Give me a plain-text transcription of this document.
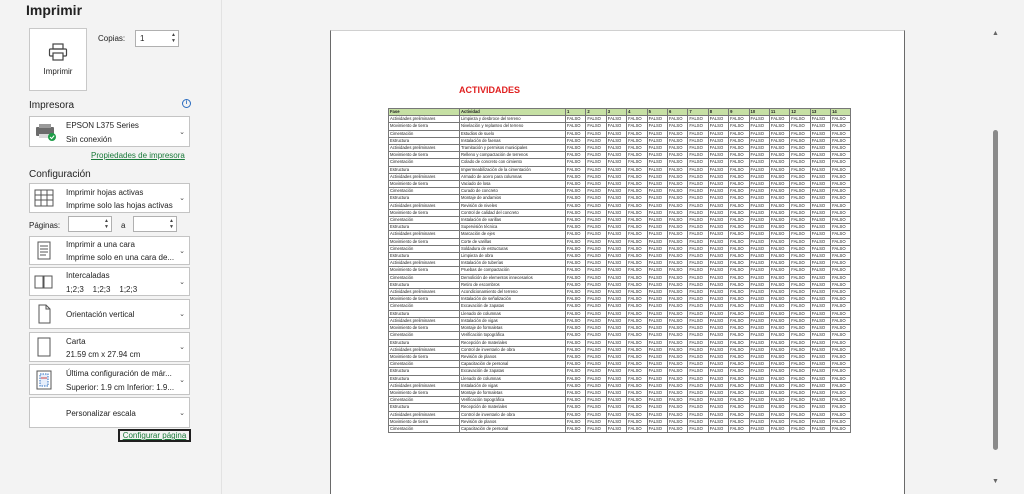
Imprimir
Imprimir
Copias:	1	▲
▼
Impresora	i
EPSON L375 Series
Sin conexión
⌄
Propiedades de impresora
Configuración
Imprimir hojas activas
Imprime solo las hojas activas
⌄
Páginas:	▲
▼ a	▲
▼
Imprimir a una cara
Imprime solo en una cara de...
⌄
Intercaladas
1;2;3    1;2;3    1;2;3
⌄
Orientación vertical	⌄
Carta
21.59 cm x 27.94 cm
⌄
Última configuración de már...
Superior: 1.9 cm Inferior: 1.9...
⌄
Personalizar escala	⌄
Configurar página
ACTIVIDADES
Fase	Actividad	1	2	3	4	5	6	7	8	9	10	11	12	13	14
Actividades preliminares	Limpieza y desbroce del terreno	FALSO	FALSO	FALSO	FALSO	FALSO	FALSO	FALSO	FALSO	FALSO	FALSO	FALSO	FALSO	FALSO	FALSO
Movimiento de tierra	Nivelación y replanteo del terreno	FALSO	FALSO	FALSO	FALSO	FALSO	FALSO	FALSO	FALSO	FALSO	FALSO	FALSO	FALSO	FALSO	FALSO
Cimentación	Estudios de suelo	FALSO	FALSO	FALSO	FALSO	FALSO	FALSO	FALSO	FALSO	FALSO	FALSO	FALSO	FALSO	FALSO	FALSO
Estructura	Instalación de faenas	FALSO	FALSO	FALSO	FALSO	FALSO	FALSO	FALSO	FALSO	FALSO	FALSO	FALSO	FALSO	FALSO	FALSO
Actividades preliminares	Tramitación y permisos municipales	FALSO	FALSO	FALSO	FALSO	FALSO	FALSO	FALSO	FALSO	FALSO	FALSO	FALSO	FALSO	FALSO	FALSO
Movimiento de tierra	Relleno y compactación de terrenos	FALSO	FALSO	FALSO	FALSO	FALSO	FALSO	FALSO	FALSO	FALSO	FALSO	FALSO	FALSO	FALSO	FALSO
Cimentación	Colado de concreto con cimiento	FALSO	FALSO	FALSO	FALSO	FALSO	FALSO	FALSO	FALSO	FALSO	FALSO	FALSO	FALSO	FALSO	FALSO
Estructura	Impermeabilización de la cimentación	FALSO	FALSO	FALSO	FALSO	FALSO	FALSO	FALSO	FALSO	FALSO	FALSO	FALSO	FALSO	FALSO	FALSO
Actividades preliminares	Armado de acero para columnas	FALSO	FALSO	FALSO	FALSO	FALSO	FALSO	FALSO	FALSO	FALSO	FALSO	FALSO	FALSO	FALSO	FALSO
Movimiento de tierra	Vaciado de losa	FALSO	FALSO	FALSO	FALSO	FALSO	FALSO	FALSO	FALSO	FALSO	FALSO	FALSO	FALSO	FALSO	FALSO
Cimentación	Curado de concreto	FALSO	FALSO	FALSO	FALSO	FALSO	FALSO	FALSO	FALSO	FALSO	FALSO	FALSO	FALSO	FALSO	FALSO
Estructura	Montaje de andamios	FALSO	FALSO	FALSO	FALSO	FALSO	FALSO	FALSO	FALSO	FALSO	FALSO	FALSO	FALSO	FALSO	FALSO
Actividades preliminares	Revisión de niveles	FALSO	FALSO	FALSO	FALSO	FALSO	FALSO	FALSO	FALSO	FALSO	FALSO	FALSO	FALSO	FALSO	FALSO
Movimiento de tierra	Control de calidad del concreto	FALSO	FALSO	FALSO	FALSO	FALSO	FALSO	FALSO	FALSO	FALSO	FALSO	FALSO	FALSO	FALSO	FALSO
Cimentación	Instalación de varillas	FALSO	FALSO	FALSO	FALSO	FALSO	FALSO	FALSO	FALSO	FALSO	FALSO	FALSO	FALSO	FALSO	FALSO
Estructura	Supervisión técnica	FALSO	FALSO	FALSO	FALSO	FALSO	FALSO	FALSO	FALSO	FALSO	FALSO	FALSO	FALSO	FALSO	FALSO
Actividades preliminares	Marcación de ejes	FALSO	FALSO	FALSO	FALSO	FALSO	FALSO	FALSO	FALSO	FALSO	FALSO	FALSO	FALSO	FALSO	FALSO
Movimiento de tierra	Corte de varillas	FALSO	FALSO	FALSO	FALSO	FALSO	FALSO	FALSO	FALSO	FALSO	FALSO	FALSO	FALSO	FALSO	FALSO
Cimentación	Soldadura de estructuras	FALSO	FALSO	FALSO	FALSO	FALSO	FALSO	FALSO	FALSO	FALSO	FALSO	FALSO	FALSO	FALSO	FALSO
Estructura	Limpieza de obra	FALSO	FALSO	FALSO	FALSO	FALSO	FALSO	FALSO	FALSO	FALSO	FALSO	FALSO	FALSO	FALSO	FALSO
Actividades preliminares	Instalación de tuberías	FALSO	FALSO	FALSO	FALSO	FALSO	FALSO	FALSO	FALSO	FALSO	FALSO	FALSO	FALSO	FALSO	FALSO
Movimiento de tierra	Pruebas de compactación	FALSO	FALSO	FALSO	FALSO	FALSO	FALSO	FALSO	FALSO	FALSO	FALSO	FALSO	FALSO	FALSO	FALSO
Cimentación	Demolición de elementos innecesarios	FALSO	FALSO	FALSO	FALSO	FALSO	FALSO	FALSO	FALSO	FALSO	FALSO	FALSO	FALSO	FALSO	FALSO
Estructura	Retiro de escombros	FALSO	FALSO	FALSO	FALSO	FALSO	FALSO	FALSO	FALSO	FALSO	FALSO	FALSO	FALSO	FALSO	FALSO
Actividades preliminares	Acondicionamiento del terreno	FALSO	FALSO	FALSO	FALSO	FALSO	FALSO	FALSO	FALSO	FALSO	FALSO	FALSO	FALSO	FALSO	FALSO
Movimiento de tierra	Instalación de señalización	FALSO	FALSO	FALSO	FALSO	FALSO	FALSO	FALSO	FALSO	FALSO	FALSO	FALSO	FALSO	FALSO	FALSO
Cimentación	Excavación de zapatas	FALSO	FALSO	FALSO	FALSO	FALSO	FALSO	FALSO	FALSO	FALSO	FALSO	FALSO	FALSO	FALSO	FALSO
Estructura	Llenado de columnas	FALSO	FALSO	FALSO	FALSO	FALSO	FALSO	FALSO	FALSO	FALSO	FALSO	FALSO	FALSO	FALSO	FALSO
Actividades preliminares	Instalación de vigas	FALSO	FALSO	FALSO	FALSO	FALSO	FALSO	FALSO	FALSO	FALSO	FALSO	FALSO	FALSO	FALSO	FALSO
Movimiento de tierra	Montaje de formaletas	FALSO	FALSO	FALSO	FALSO	FALSO	FALSO	FALSO	FALSO	FALSO	FALSO	FALSO	FALSO	FALSO	FALSO
Cimentación	Verificación topográfica	FALSO	FALSO	FALSO	FALSO	FALSO	FALSO	FALSO	FALSO	FALSO	FALSO	FALSO	FALSO	FALSO	FALSO
Estructura	Recepción de materiales	FALSO	FALSO	FALSO	FALSO	FALSO	FALSO	FALSO	FALSO	FALSO	FALSO	FALSO	FALSO	FALSO	FALSO
Actividades preliminares	Control de inventario de obra	FALSO	FALSO	FALSO	FALSO	FALSO	FALSO	FALSO	FALSO	FALSO	FALSO	FALSO	FALSO	FALSO	FALSO
Movimiento de tierra	Revisión de planos	FALSO	FALSO	FALSO	FALSO	FALSO	FALSO	FALSO	FALSO	FALSO	FALSO	FALSO	FALSO	FALSO	FALSO
Cimentación	Capacitación de personal	FALSO	FALSO	FALSO	FALSO	FALSO	FALSO	FALSO	FALSO	FALSO	FALSO	FALSO	FALSO	FALSO	FALSO
Estructura	Excavación de zapatas	FALSO	FALSO	FALSO	FALSO	FALSO	FALSO	FALSO	FALSO	FALSO	FALSO	FALSO	FALSO	FALSO	FALSO
Estructura	Llenado de columnas	FALSO	FALSO	FALSO	FALSO	FALSO	FALSO	FALSO	FALSO	FALSO	FALSO	FALSO	FALSO	FALSO	FALSO
Actividades preliminares	Instalación de vigas	FALSO	FALSO	FALSO	FALSO	FALSO	FALSO	FALSO	FALSO	FALSO	FALSO	FALSO	FALSO	FALSO	FALSO
Movimiento de tierra	Montaje de formaletas	FALSO	FALSO	FALSO	FALSO	FALSO	FALSO	FALSO	FALSO	FALSO	FALSO	FALSO	FALSO	FALSO	FALSO
Cimentación	Verificación topográfica	FALSO	FALSO	FALSO	FALSO	FALSO	FALSO	FALSO	FALSO	FALSO	FALSO	FALSO	FALSO	FALSO	FALSO
Estructura	Recepción de materiales	FALSO	FALSO	FALSO	FALSO	FALSO	FALSO	FALSO	FALSO	FALSO	FALSO	FALSO	FALSO	FALSO	FALSO
Actividades preliminares	Control de inventario de obra	FALSO	FALSO	FALSO	FALSO	FALSO	FALSO	FALSO	FALSO	FALSO	FALSO	FALSO	FALSO	FALSO	FALSO
Movimiento de tierra	Revisión de planos	FALSO	FALSO	FALSO	FALSO	FALSO	FALSO	FALSO	FALSO	FALSO	FALSO	FALSO	FALSO	FALSO	FALSO
Cimentación	Capacitación de personal	FALSO	FALSO	FALSO	FALSO	FALSO	FALSO	FALSO	FALSO	FALSO	FALSO	FALSO	FALSO	FALSO	FALSO
▲
▼
